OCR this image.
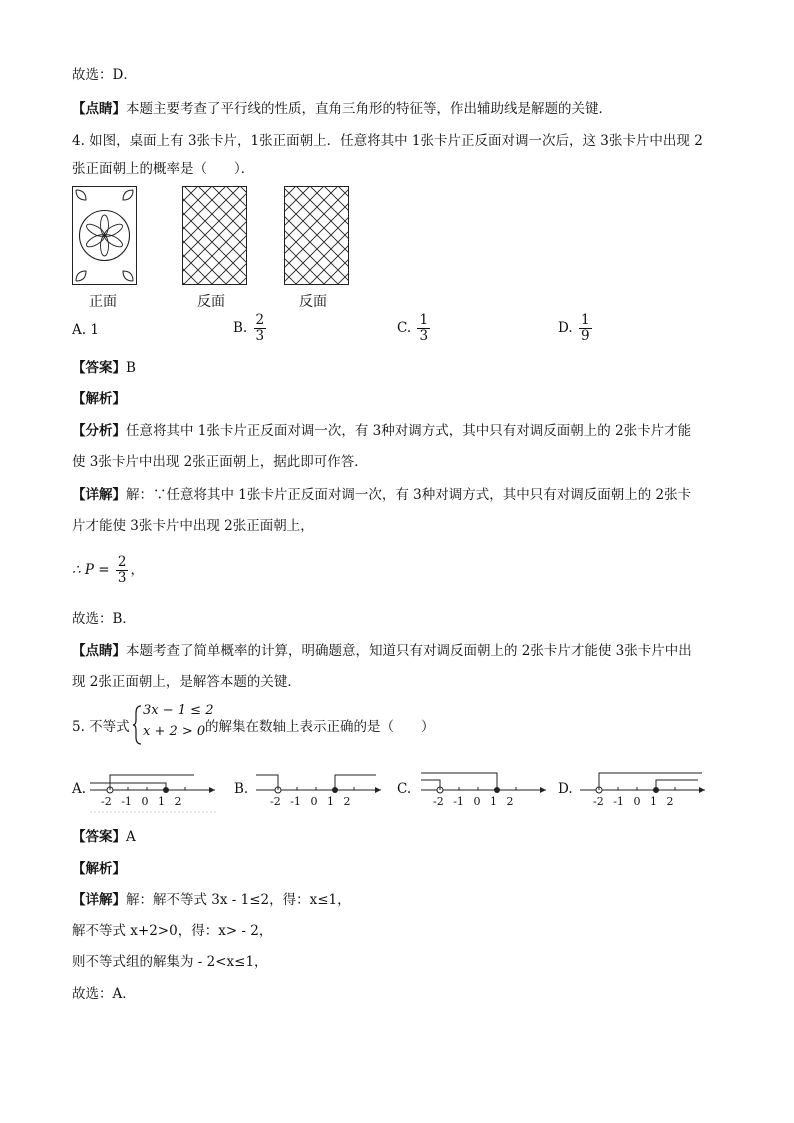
故选：D．
【点睛】本题主要考查了平行线的性质，直角三角形的特征等，作出辅助线是解题的关键．
4. 如图，桌面上有 3张卡片，1张正面朝上．任意将其中 1张卡片正反面对调一次后，这 3张卡片中出现 2
张正面朝上的概率是（　　）．
正面	反面	反面
A. 1	B. $\frac{2}{3}$	C. $\frac{1}{3}$	D. $\frac{1}{9}$
【答案】B
【解析】
【分析】任意将其中 1张卡片正反面对调一次，有 3种对调方式，其中只有对调反面朝上的 2张卡片才能
使 3张卡片中出现 2张正面朝上，据此即可作答．
【详解】解：∵任意将其中 1张卡片正反面对调一次，有 3种对调方式，其中只有对调反面朝上的 2张卡
片才能使 3张卡片中出现 2张正面朝上，
∴ $P = \frac{2}{3}$ ，
故选：B．
【点睛】本题考查了简单概率的计算，明确题意，知道只有对调反面朝上的 2张卡片才能使 3张卡片中出
现 2张正面朝上，是解答本题的关键．
5. 不等式
3x − 1 ≤ 2
x + 2 > 0 的解集在数轴上表示正确的是（　　）
A.	B.	C.	D.
-2 -1 0 1 2	-2 -1 0 1 2	-2 -1 0 1 2	-2 -1 0 1 2
【答案】A
【解析】
【详解】解：解不等式 3x - 1≤2，得：x≤1，
解不等式 x+2>0，得：x> - 2，
则不等式组的解集为 - 2<x≤1，
故选：A．
